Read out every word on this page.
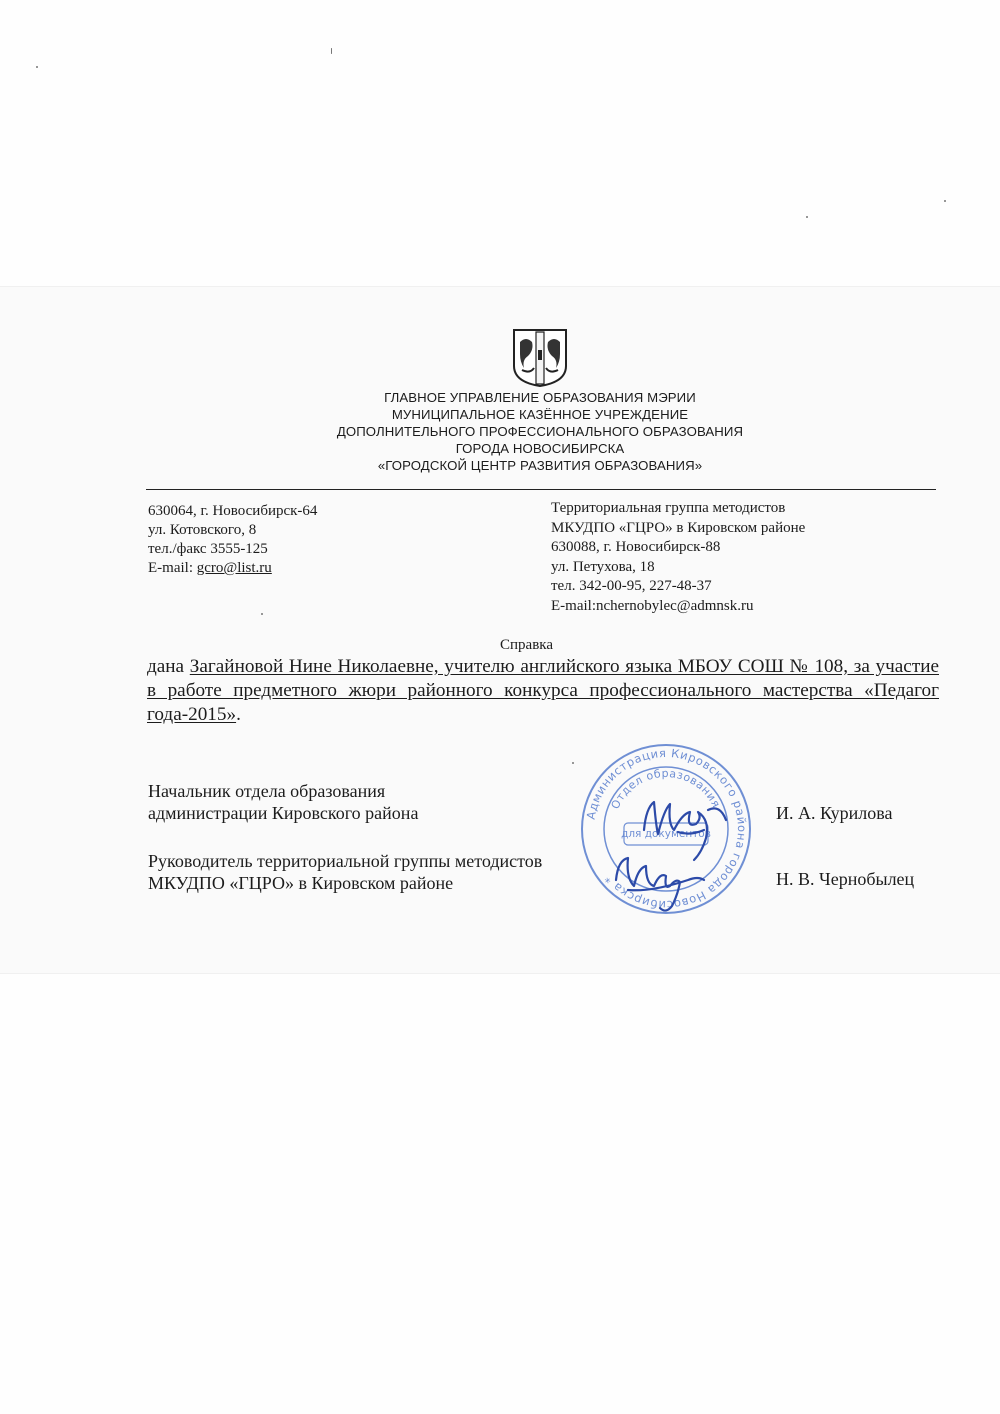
ГЛАВНОЕ УПРАВЛЕНИЕ ОБРАЗОВАНИЯ МЭРИИ
МУНИЦИПАЛЬНОЕ КАЗЁННОЕ УЧРЕЖДЕНИЕ
ДОПОЛНИТЕЛЬНОГО ПРОФЕССИОНАЛЬНОГО ОБРАЗОВАНИЯ
ГОРОДА НОВОСИБИРСКА
«ГОРОДСКОЙ ЦЕНТР РАЗВИТИЯ ОБРАЗОВАНИЯ»
630064, г. Новосибирск-64
ул. Котовского, 8
тел./факс 3555-125
E-mail: gcro@list.ru
Территориальная группа методистов
МКУДПО «ГЦРО» в Кировском районе
630088, г. Новосибирск-88
ул. Петухова, 18
тел. 342-00-95, 227-48-37
E-mail:nchernobylec@admnsk.ru
Справка
дана Загайновой Нине Николаевне, учителю английского языка МБОУ СОШ № 108, за участие в работе предметного жюри районного конкурса профессионального мастерства «Педагог года-2015».
Начальник отдела образования
администрации Кировского района	И. А. Курилова
Руководитель территориальной группы методистов
МКУДПО «ГЦРО» в Кировском районе	Н. В. Чернобылец
Администрация Кировского района города Новосибирска *
Отдел образования
для документов
